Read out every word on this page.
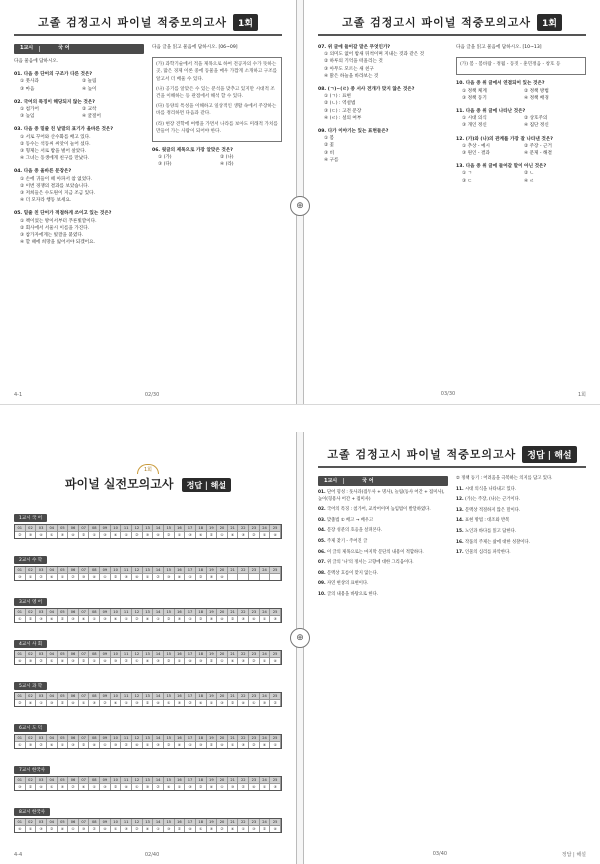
고졸 검정고시 파이널 적중모의고사	1회
1교시	국 어
다음 물음에 답하시오.
01. 다음 중 단어의 구조가 다른 것은?
① 풋사과	② 놀림
③ 마음	④ 높이
02. 국어의 특징이 해당되지 않는 것은?
① 첨가어	② 교착
③ 높임	④ 굴절어
03. 다음 중 밑줄 친 낱말의 표기가 올바른 것은?
① 서로 꾸어와 산수화를 배고 있다.
② 동수는 석동씨 씨앗이 늘어 섰다.
③ 형제는 서로 밥을 벌어 살았다.
④ 그녀는 동생에게 친구를 만났다.
04. 다음 중 올바른 문장은?
① 손에 귀들이 떼 아파서 참 없었다.
② 이번 경쟁의 결과를 보았습니다.
③ 저희들은 수도원이 지금 조금 있다.
④ 더 모자라 행동 보세요.
05. 밑줄 친 단어가 적절하게 쓰이고 있는 것은?
① 책이었는 방이서부터 푸른빛깔이다.
② 회사에서 서울시 이름을 가진다.
③ 참가자에게는 빛깔을 붙였다.
④ 할 때에 희망을 잃어서야 되겠어요.
다음 글을 읽고 물음에 답하시오. [06~09]

(가) 과학기술에서 적을 제목으로 하여 전공자의 수가 뜻하는 곳, 많은 경제 이론 중에 동물을 매우 가깝게 소개하고 구조를 알고서 더 배울 수 있다.

(나) 공기를 알맞은 수 있는 분석을 맞추고 있지만 시대적 조건을 이해하는 등 관점에서 해석 할 수 있다.

(다) 동양의 특성을 이해하고 일상적인 생활 속에서 주장하는 바를 정리하면 다음과 같다.

(라) 현장 견학에 여행을 가면서 나라를 보아도 미래적 가치를 만들어 가는 사람이 되어야 한다.

06. 윗글의 제목으로 가장 알맞은 것은?
① (가)	② (나)
③ (다)	④ (라)
4-1	02/30
⊕
고졸 검정고시 파이널 적중모의고사	1회
07. 위 글에 들어갈 말은 무엇인가?
① 의미도 없어 밤새 뒤척이며 지내는 것과 같은 것
② 하루의 기억을 떠올리는 것
③ 아무도 모르는 새 친구
④ 맑은 하늘을 바라보는 것
08. (ㄱ)~(ㄹ) 중 서사 전개가 맞지 않은 것은?
① (ㄱ) : 표현
② (ㄴ) : 역설법
③ (ㄷ) : 고전 문장
④ (ㄹ) : 설의 여부
09. 다가 이야기는 있는 표현들은?
① 봄
② 꽃
③ 비
④ 구름
다음 글을 읽고 물음에 답하시오. [10~13]

(가) 봄 - 봄바람 - 정월 - 동짓 - 훈민정음 - 창호 등

10. 다음 중 위 글에서 연결되어 있는 것은?
① 정책 체계	② 정책 방법
③ 정책 동기	④ 정책 배경
11. 다음 중 위 글에 나타난 것은?
① 시대 의식	② 상호주의
③ 개인 정신	④ 집단 정신
12. (가)와 (나)의 관계를 가장 잘 나타낸 것은?
① 추상 - 예시	② 주장 - 근거
③ 원인 - 결과	④ 문제 - 해결
13. 다음 중 위 글에 들어갈 말이 아닌 것은?
① ㄱ	② ㄴ
③ ㄷ	④ ㄹ
03/30	1회
1회
파이널 실전모의고사 정답 | 해설
1교시 국 어
01	02	03	04	05	06	07	08	09	10	11	12	13	14	15	16	17	18	19	20	21	22	23	24	25
②	③	④	①	③	④	②	①	③	④	①	②	③	④	②	①	③	④	②	①	④	③	②	①	④
2교시 수 학
01	02	03	04	05	06	07	08	09	10	11	12	13	14	15	16	17	18	19	20	21	22	23	24	25
③	①	②	④	①	②	③	④	①	②	③	④	①	②	③	④	①	②	③	④
3교시 영 어
01	02	03	04	05	06	07	08	09	10	11	12	13	14	15	16	17	18	19	20	21	22	23	24	25
①	②	③	④	②	③	④	①	③	④	①	②	④	①	②	③	①	②	③	④	②	③	④	①	③
4교시 사 회
01	02	03	04	05	06	07	08	09	10	11	12	13	14	15	16	17	18	19	20	21	22	23	24	25
④	③	②	①	④	③	②	①	④	③	②	①	④	③	②	①	④	③	②	①	④	③	②	①	④
5교시 과 학
01	02	03	04	05	06	07	08	09	10	11	12	13	14	15	16	17	18	19	20	21	22	23	24	25
②	④	①	③	②	④	①	③	②	④	①	③	②	④	①	③	②	④	①	③	②	④	①	③	②
6교시 도 덕
01	02	03	04	05	06	07	08	09	10	11	12	13	14	15	16	17	18	19	20	21	22	23	24	25
①	③	②	④	①	③	②	④	①	③	②	④	①	③	②	④	①	③	②	④	①	③	②	④	①
7교시 한국사
01	02	03	04	05	06	07	08	09	10	11	12	13	14	15	16	17	18	19	20	21	22	23	24	25
③	②	④	①	③	②	④	①	③	②	④	①	③	②	④	①	③	②	④	①	③	②	④	①	③
8교시 한국사
01	02	03	04	05	06	07	08	09	10	11	12	13	14	15	16	17	18	19	20	21	22	23	24	25
④	①	③	②	④	①	③	②	④	①	③	②	④	①	③	②	④	①	③	②	④	①	③	②	④
4-4	02/40
⊕
고졸 검정고시 파이널 적중모의고사	정답 | 해설
1교시	국 어
01. 단어 형성 : 풋사과(접두사 + 명사), 놀림(동사 어간 + 접미사), 높이(형용사 어간 + 접미사)
02. 국어의 특징 : 첨가어, 교착어이며 높임법이 발달하였다.
03. 맞춤법 ① 배고 → 배우고
04. 문장 성분의 호응을 살펴본다.
05. 주제 찾기 - 주어진 글
06. 이 글의 제목으로는 마지막 문단의 내용이 적합하다.
07. 위 글의 '나'의 정서는 고향에 대한 그리움이다.
08. 문맥상 흐름이 맞지 않는다.
09. 자연 현상의 표현이다.
10. 글의 내용을 바탕으로 한다.
② 정책 동기 : 어려움을 극복하는 의지를 담고 있다.
11. 시대 의식을 나타내고 있다.
12. (가)는 주장, (나)는 근거이다.
13. 문맥상 적절하지 않은 말이다.
14. 표현 방법 : 대조와 반복
15. 노인과 바다를 읽고 답한다.
16. 작품의 주제는 삶에 대한 성찰이다.
17. 인물의 심리를 파악한다.
03/40	정답 | 해설
